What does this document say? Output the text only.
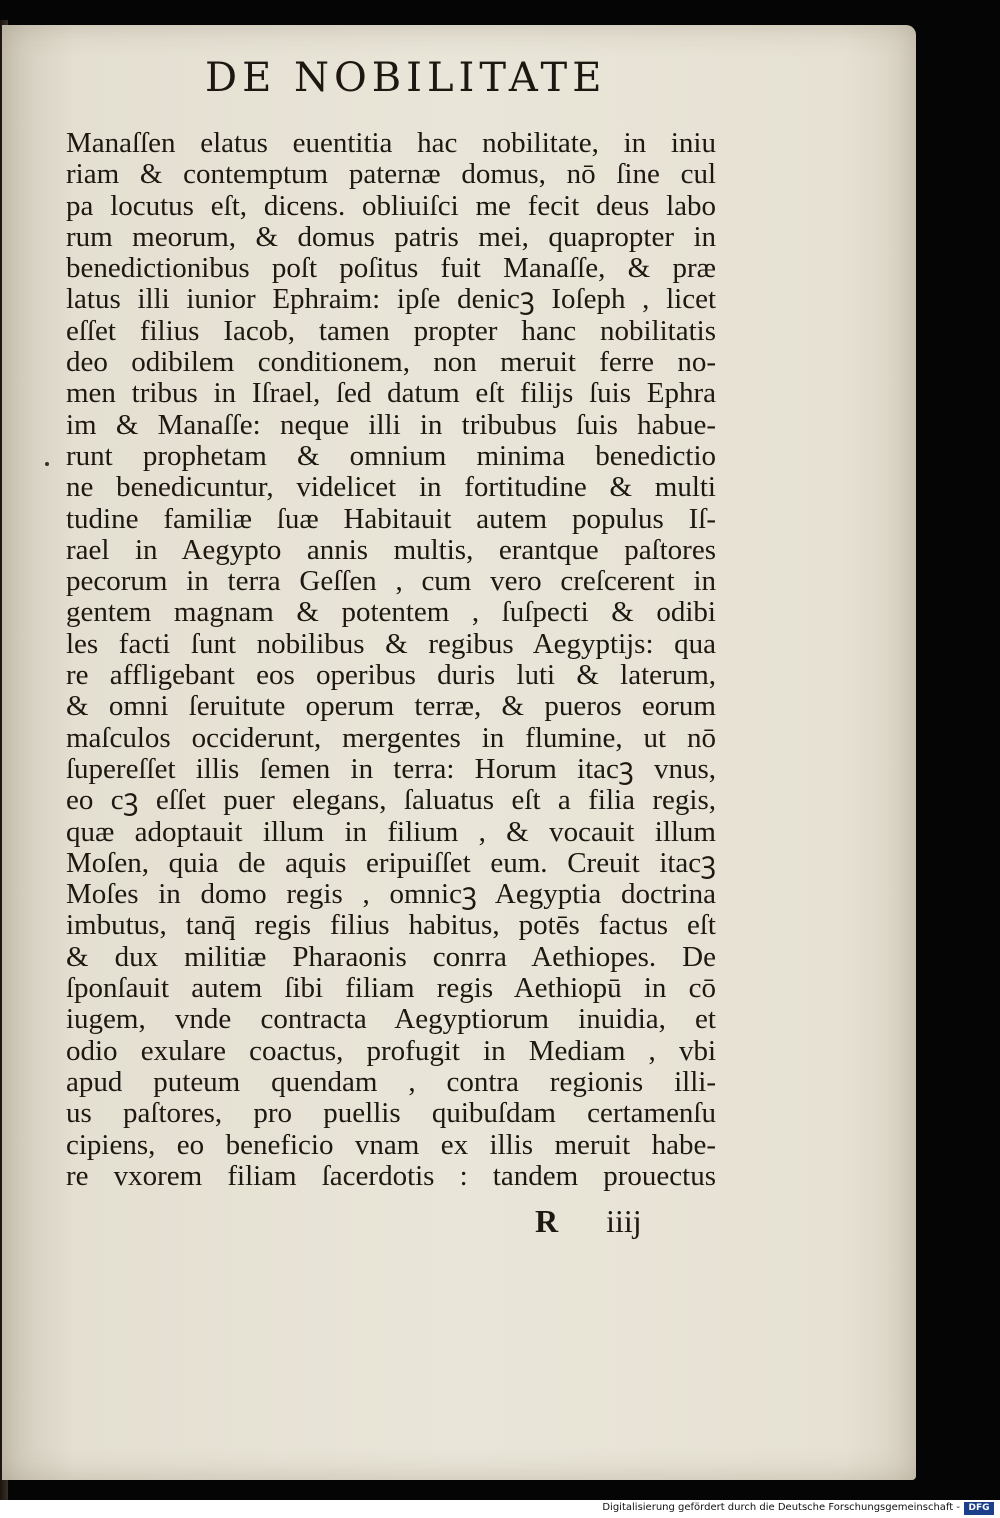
DE NOBILITATE
Manaſſen elatus euentitia hac nobilitate, in iniu
riam & contemptum paternæ domus, nō ſine cul
pa locutus eſt, dicens. obliuiſci me fecit deus labo
rum meorum, & domus patris mei, quapropter in
benedictionibus poſt poſitus fuit Manaſſe, & præ
latus illi iunior Ephraim: ipſe denicꝫ Ioſeph , licet
eſſet filius Iacob, tamen propter hanc nobilitatis
deo odibilem conditionem, non meruit ferre no-
men tribus in Iſrael, ſed datum eſt filijs ſuis Ephra
im & Manaſſe: neque illi in tribubus ſuis habue-
runt prophetam & omnium minima benedictio
ne benedicuntur, videlicet in fortitudine & multi
tudine familiæ ſuæ Habitauit autem populus Iſ-
rael in Aegypto annis multis, erantque paſtores
pecorum in terra Geſſen , cum vero creſcerent in
gentem magnam & potentem , ſuſpecti & odibi
les facti ſunt nobilibus & regibus Aegyptijs: qua
re affligebant eos operibus duris luti & laterum,
& omni ſeruitute operum terræ, & pueros eorum
maſculos occiderunt, mergentes in flumine, ut nō
ſupereſſet illis ſemen in terra: Horum itacꝫ vnus,
eo cꝫ eſſet puer elegans, ſaluatus eſt a filia regis,
quæ adoptauit illum in filium , & vocauit illum
Moſen, quia de aquis eripuiſſet eum. Creuit itacꝫ
Moſes in domo regis , omnicꝫ Aegyptia doctrina
imbutus, tanq̄ regis filius habitus, potēs factus eſt
& dux militiæ Pharaonis conrra Aethiopes. De
ſponſauit autem ſibi filiam regis Aethiopū in cō
iugem, vnde contracta Aegyptiorum inuidia, et
odio exulare coactus, profugit in Mediam , vbi
apud puteum quendam , contra regionis illi-
us paſtores, pro puellis quibuſdam certamenſu
cipiens, eo beneficio vnam ex illis meruit habe-
re vxorem filiam ſacerdotis : tandem prouectus
R iiij
Digitalisierung gefördert durch die Deutsche Forschungsgemeinschaft - DFG
